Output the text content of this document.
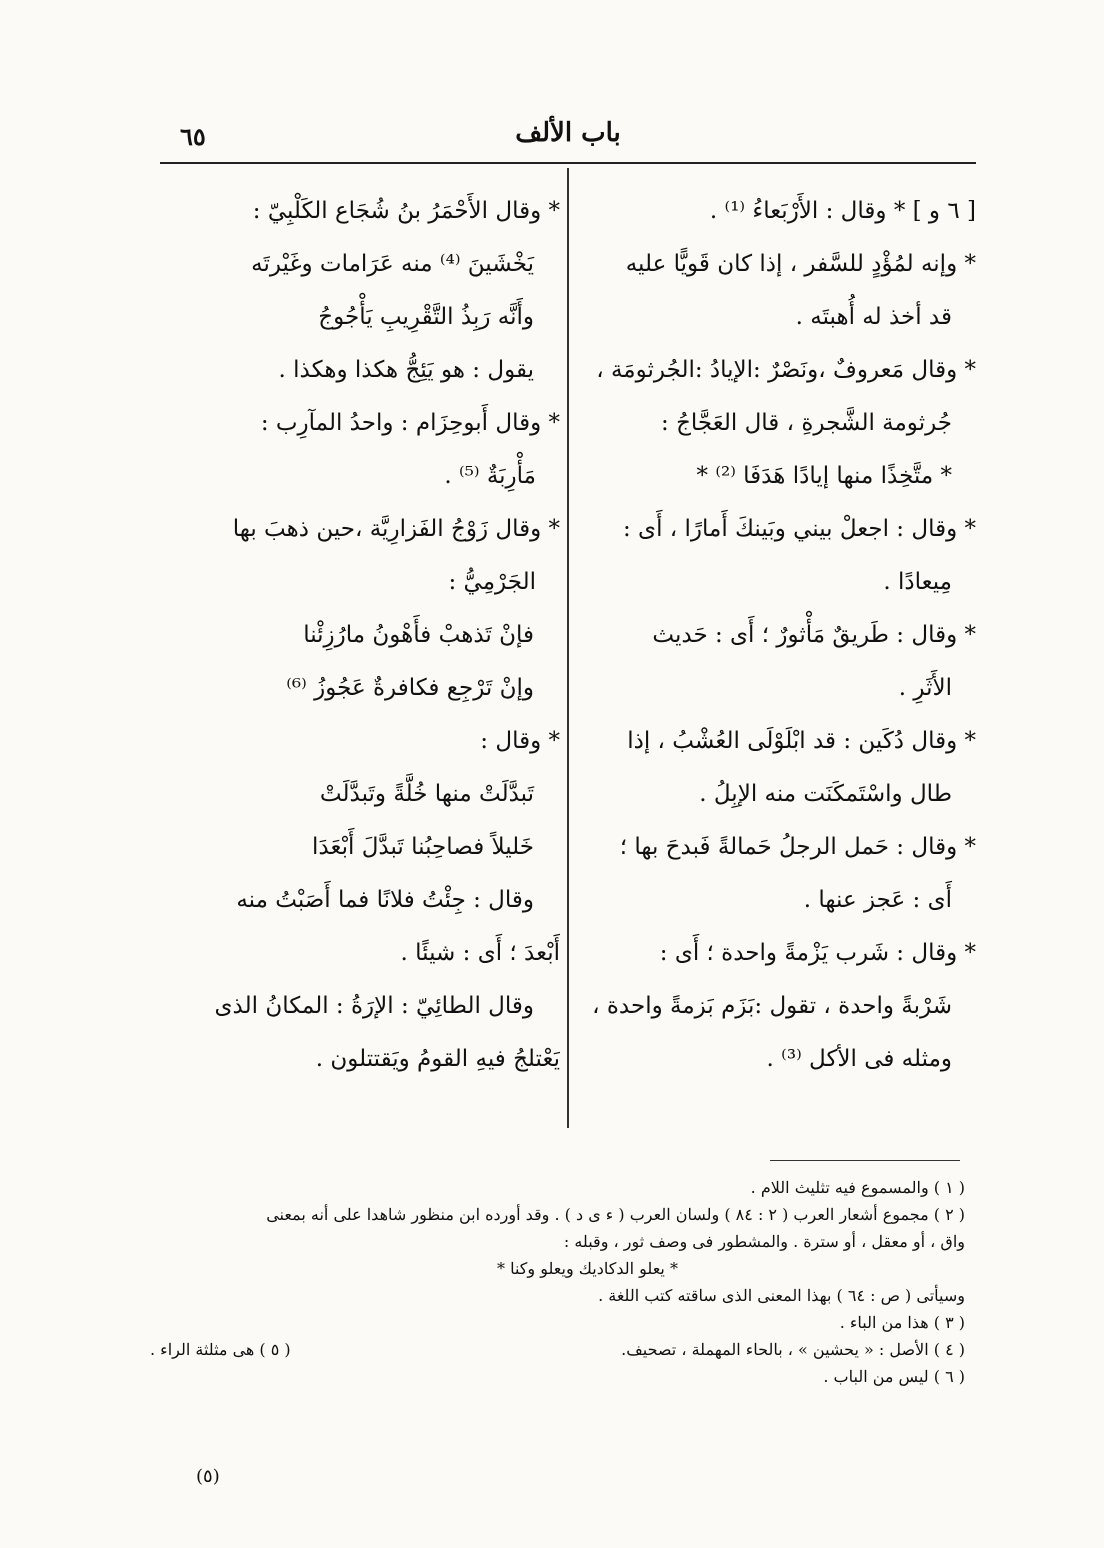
باب الألف
٦٥
[ ٦ و ] * وقال : الأَرْبَعاءُ ⁽¹⁾ .
* وإنه لمُؤْدٍ للسَّفر ، إذا كان قَويًّا عليه
قد أخذ له أُهبتَه .
* وقال مَعروفٌ ،ونَصْرٌ :الإيادُ :الجُرثومَة ،
جُرثومة الشَّجرةِ ، قال العَجَّاجُ :
* متَّخِذًا منها إيادًا هَدَفَا ⁽²⁾ *
* وقال : اجعلْ بيني وبَينكَ أَمارًا ، أَى :
مِيعادًا .
* وقال : طَريقٌ مَأْثورٌ ؛ أَى : حَديث
الأَثَرِ .
* وقال دُكَين : قد ابْلَوْلَى العُشْبُ ، إذا
طال واسْتَمكَنَت منه الإبِلُ .
* وقال : حَمل الرجلُ حَمالةً فَبدحَ بها ؛
أَى : عَجز عنها .
* وقال : شَرب يَزْمةً واحدة ؛ أَى :
شَرْبةً واحدة ، تقول :بَزَم بَزمةً واحدة ،
ومثله فى الأكل ⁽³⁾ .
* وقال الأَحْمَرُ بنُ شُجَاع الكَلْبِيّ :
يَخْشَينَ ⁽⁴⁾ منه عَرَامات وغَيْرتَه
وأَنَّه رَبِذُ التَّقْرِيبِ يَأْجُوجُ
يقول : هو يَئِجُّ هكذا وهكذا .
* وقال أَبوحِزَام : واحدُ المآرِب :
مَأْرِبَةٌ ⁽⁵⁾ .
* وقال زَوْجُ الفَزارِيَّة ،حين ذهبَ بها
الجَرْمِيُّ :
فإنْ تَذهبْ فأَهْونُ مارُزِئْنا
وإنْ تَرْجِع فكافرةٌ عَجُوزُ ⁽⁶⁾
* وقال :
تَبدَّلَتْ منها خُلَّةً وتَبدَّلَتْ
خَليلاً فصاحِبُنا تَبدَّلَ أَبْعَدَا
وقال : جِئْتُ فلانًا فما أَصَبْتُ منه
أَبْعدَ ؛ أَى : شيئًا .
وقال الطائِيّ : الإرَةُ : المكانُ الذى
يَعْتلجُ فيهِ القومُ ويَقتتلون .
( ١ ) والمسموع فيه تثليث اللام .
( ٢ ) مجموع أشعار العرب ( ٢ : ٨٤ ) ولسان العرب ( ء ى د ) . وقد أورده ابن منظور شاهدا على أنه بمعنى
واق ، أو معقل ، أو سترة . والمشطور فى وصف ثور ، وقبله :
* يعلو الدكاديك ويعلو وكنا *
وسيأتى ( ص : ٦٤ ) بهذا المعنى الذى ساقته كتب اللغة .
( ٣ ) هذا من الباء .
( ٤ ) الأصل : « يحشين » ، بالحاء المهملة ، تصحيف.
( ٥ ) هى مثلثة الراء .
( ٦ ) ليس من الباب .
(٥)
